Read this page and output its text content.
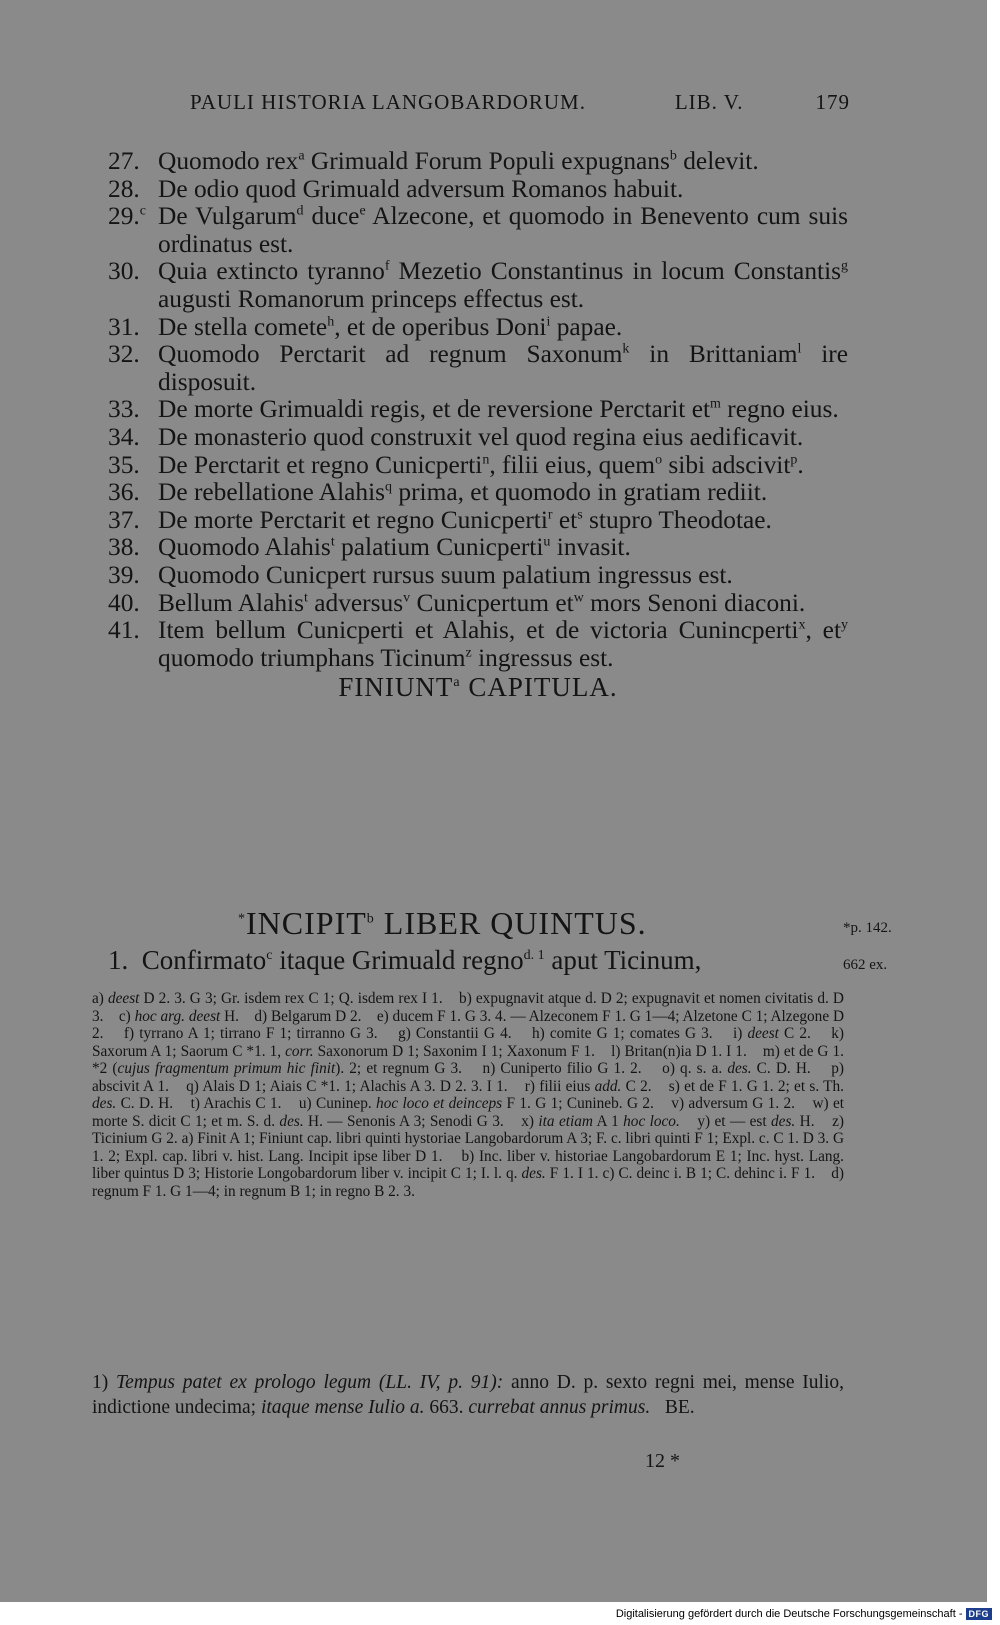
PAULI HISTORIA LANGOBARDORUM.	LIB. V.	179
27. Quomodo rex$^a$ Grimuald Forum Populi expugnans$^b$ delevit.
28. De odio quod Grimuald adversum Romanos habuit.
29.$^c$ De Vulgarum$^d$ duce$^e$ Alzecone, et quomodo in Benevento cum suis ordinatus est.
30. Quia extincto tyranno$^f$ Mezetio Constantinus in locum Constantis$^g$ augusti Romanorum princeps effectus est.
31. De stella comete$^h$, et de operibus Doni$^i$ papae.
32. Quomodo Perctarit ad regnum Saxonum$^k$ in Brittaniam$^l$ ire disposuit.
33. De morte Grimualdi regis, et de reversione Perctarit $et^m$ regno eius.
34. De monasterio quod construxit vel quod regina eius aedificavit.
35. De Perctarit et regno Cunicperti$^n$, filii eius, quem$^o$ sibi adscivit$^p$.
36. De rebellatione Alahis$^q$ prima, et quomodo in gratiam rediit.
37. De morte Perctarit et regno Cunicperti$^r$ $et^s$ stupro Theodotae.
38. Quomodo Alahis$^t$ palatium Cunicperti$^u$ invasit.
39. Quomodo Cunicpert rursus suum palatium ingressus est.
40. Bellum Alahis$^t$ adversus$^v$ Cunicpertum $et^w$ mors Senoni diaconi.
41. Item bellum Cunicperti et Alahis, et de victoria Cunincperti$^x$, $et^y$ quomodo triumphans Ticinum$^z$ ingressus est.
FINIUNT$^a$ CAPITULA.
*INCIPIT$^b$ LIBER QUINTUS.	*p. 142.
1.  Confirmato$^c$ itaque Grimuald regno$^{d. 1}$ aput Ticinum,	662 ex.

a) deest D 2. 3. G 3; Gr. isdem rex C 1; Q. isdem rex I 1.    b) expugnavit atque d. D 2; expugnavit et nomen civitatis d. D 3.    c) hoc arg. deest H.    d) Belgarum D 2.    e) ducem F 1. G 3. 4. — Alzeconem F 1. G 1—4; Alzetone C 1; Alzegone D 2.    f) tyrrano A 1; tirrano F 1; tirranno G 3.    g) Constantii G 4.    h) comite G 1; comates G 3.    i) deest C 2.    k) Saxorum A 1; Saorum C *1. 1, corr. Saxonorum D 1; Saxonim I 1; Xaxonum F 1.    l) Britan(n)ia D 1. I 1.    m) et de G 1. *2 (cujus fragmentum primum hic finit). 2; et regnum G 3.    n) Cuniperto filio G 1. 2.    o) q. s. a. des. C. D. H.    p) abscivit A 1.    q) Alais D 1; Aiais C *1. 1; Alachis A 3. D 2. 3. I 1.    r) filii eius add. C 2.    s) et de F 1. G 1. 2; et s. Th. des. C. D. H.    t) Arachis C 1.    u) Cuninep. hoc loco et deinceps F 1. G 1; Cunineb. G 2.    v) adversum G 1. 2.    w) et morte S. dicit C 1; et m. S. d. des. H. — Senonis A 3; Senodi G 3.    x) ita etiam A 1 hoc loco.    y) et — est des. H.    z) Ticinium G 2. a) Finit A 1; Finiunt cap. libri quinti hystoriae Langobardorum A 3; F. c. libri quinti F 1; Expl. c. C 1. D 3. G 1. 2; Expl. cap. libri v. hist. Lang. Incipit ipse liber D 1.    b) Inc. liber v. historiae Langobardorum E 1; Inc. hyst. Lang. liber quintus D 3; Historie Longobardorum liber v. incipit C 1; I. l. q. des. F 1. I 1. c) C. deinc i. B 1; C. dehinc i. F 1.    d) regnum F 1. G 1—4; in regnum B 1; in regno B 2. 3.

1) Tempus patet ex prologo legum (LL. IV, p. 91): anno D. p. sexto regni mei, mense Iulio, indictione undecima; itaque mense Iulio a. 663. currebat annus primus.   BE.

12 *
Digitalisierung gefördert durch die Deutsche Forschungsgemeinschaft - DFG
